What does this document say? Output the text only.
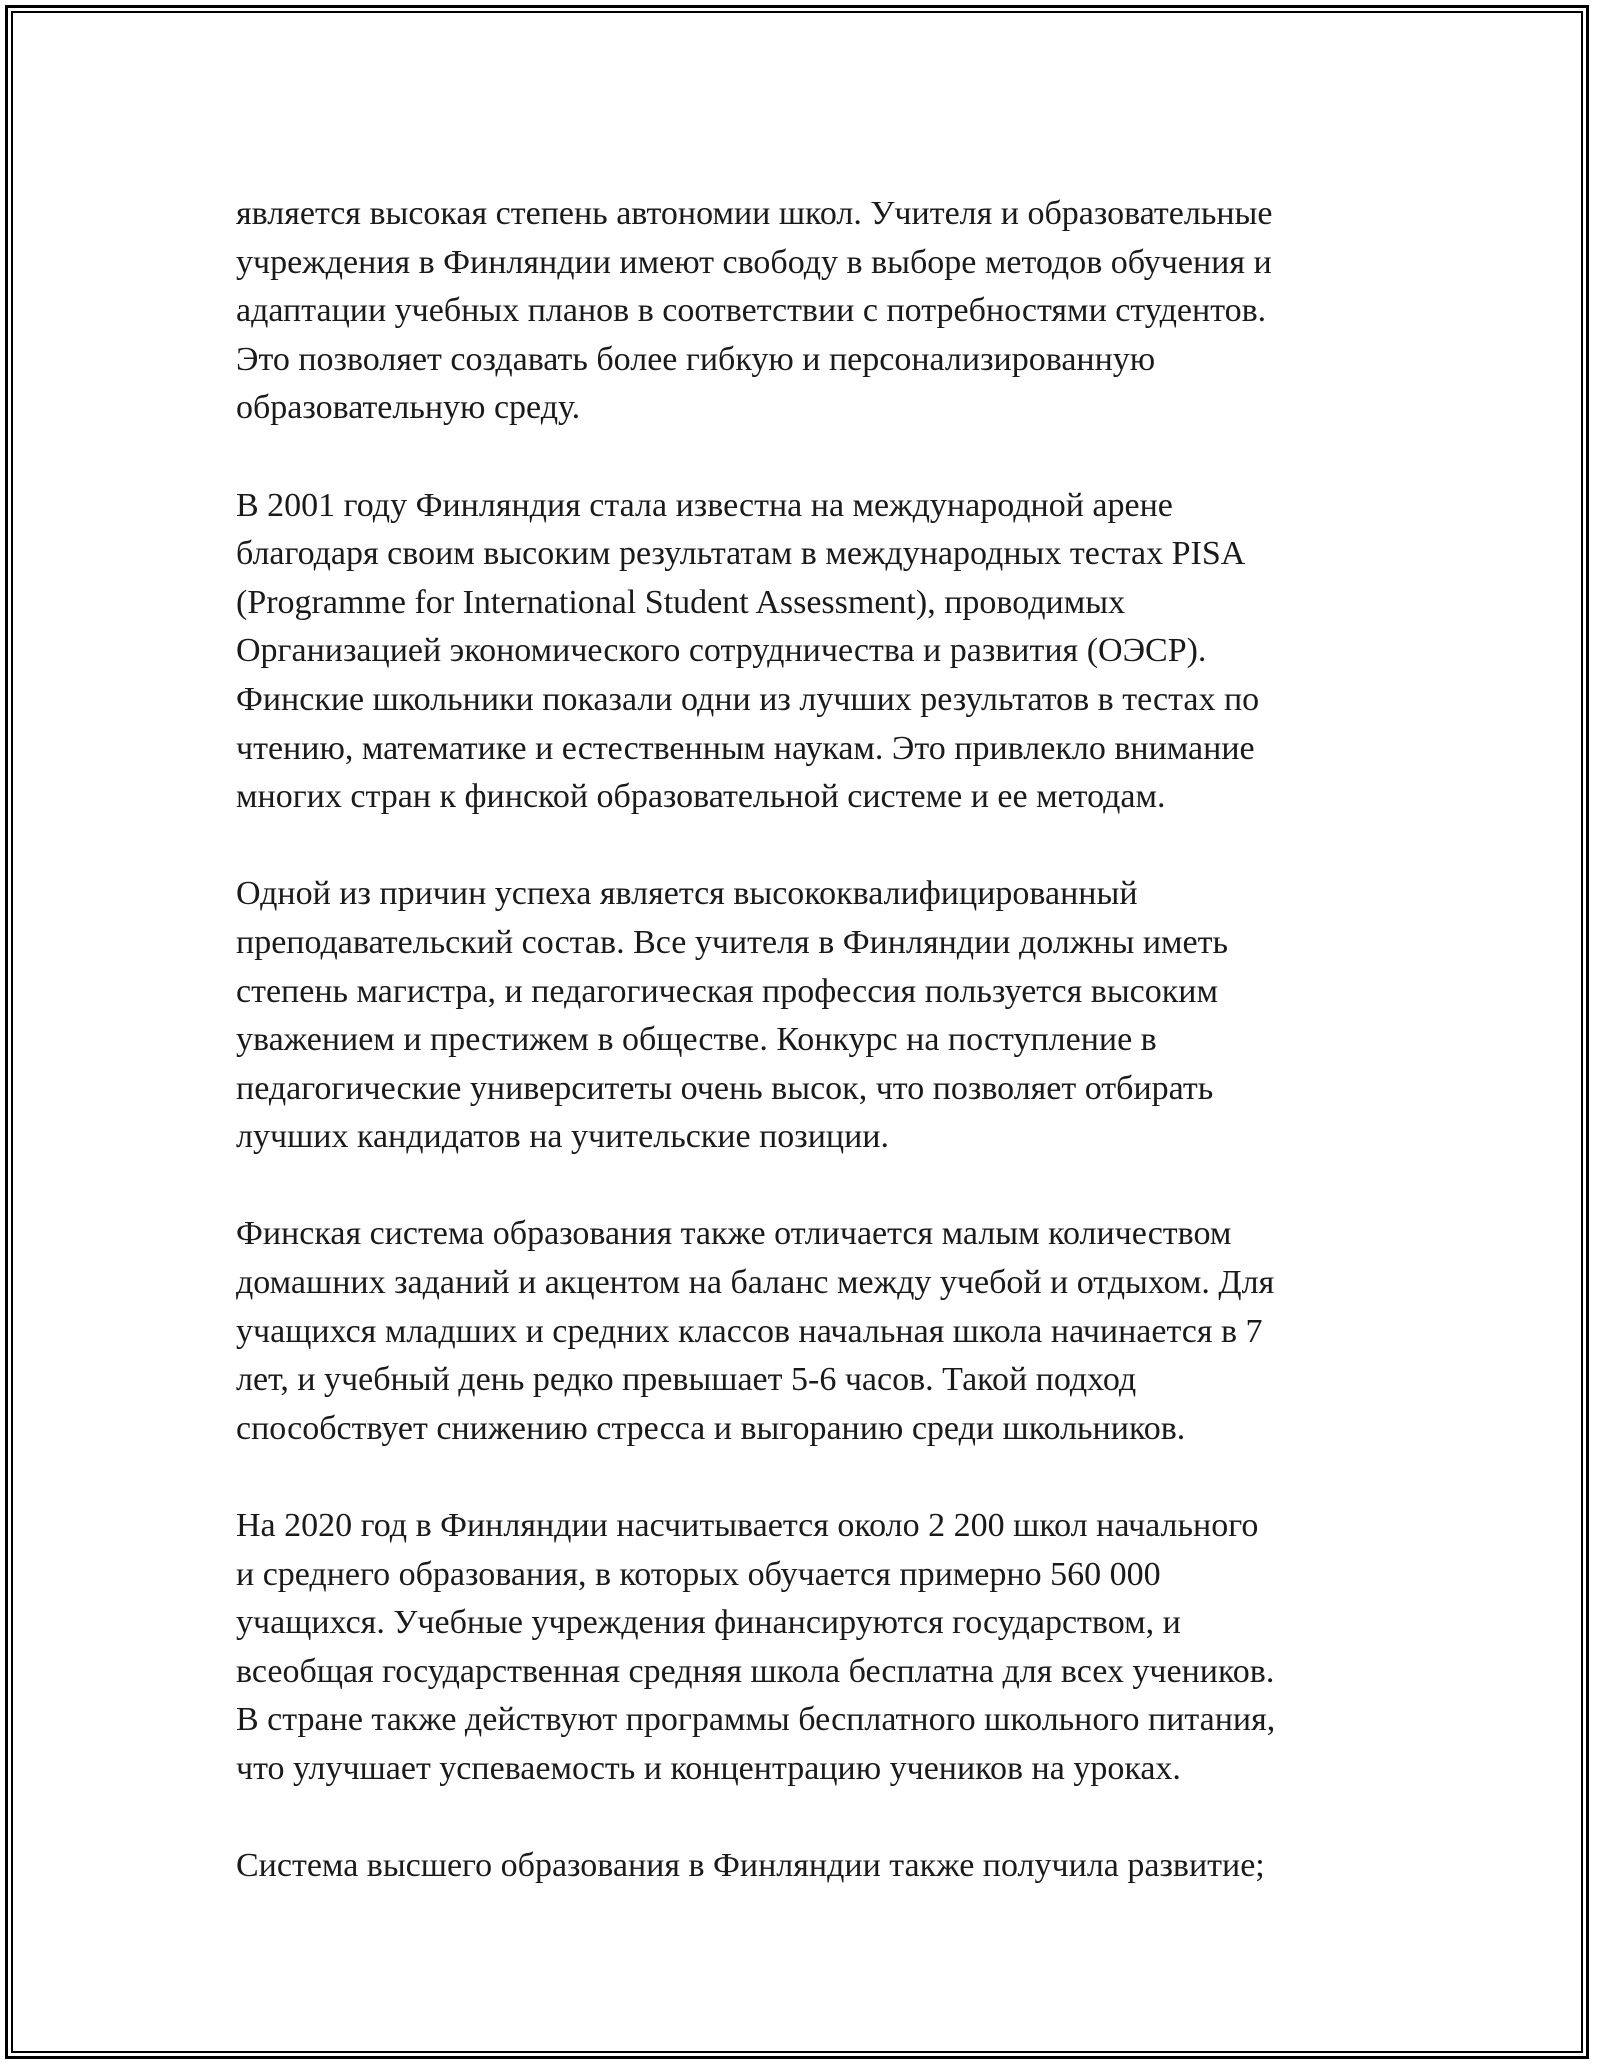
является высокая степень автономии школ. Учителя и образовательные
учреждения в Финляндии имеют свободу в выборе методов обучения и
адаптации учебных планов в соответствии с потребностями студентов.
Это позволяет создавать более гибкую и персонализированную
образовательную среду.
В 2001 году Финляндия стала известна на международной арене
благодаря своим высоким результатам в международных тестах PISA
(Programme for International Student Assessment), проводимых
Организацией экономического сотрудничества и развития (ОЭСР).
Финские школьники показали одни из лучших результатов в тестах по
чтению, математике и естественным наукам. Это привлекло внимание
многих стран к финской образовательной системе и ее методам.
Одной из причин успеха является высококвалифицированный
преподавательский состав. Все учителя в Финляндии должны иметь
степень магистра, и педагогическая профессия пользуется высоким
уважением и престижем в обществе. Конкурс на поступление в
педагогические университеты очень высок, что позволяет отбирать
лучших кандидатов на учительские позиции.
Финская система образования также отличается малым количеством
домашних заданий и акцентом на баланс между учебой и отдыхом. Для
учащихся младших и средних классов начальная школа начинается в 7
лет, и учебный день редко превышает 5-6 часов. Такой подход
способствует снижению стресса и выгоранию среди школьников.
На 2020 год в Финляндии насчитывается около 2 200 школ начального
и среднего образования, в которых обучается примерно 560 000
учащихся. Учебные учреждения финансируются государством, и
всеобщая государственная средняя школа бесплатна для всех учеников.
В стране также действуют программы бесплатного школьного питания,
что улучшает успеваемость и концентрацию учеников на уроках.
Система высшего образования в Финляндии также получила развитие;
